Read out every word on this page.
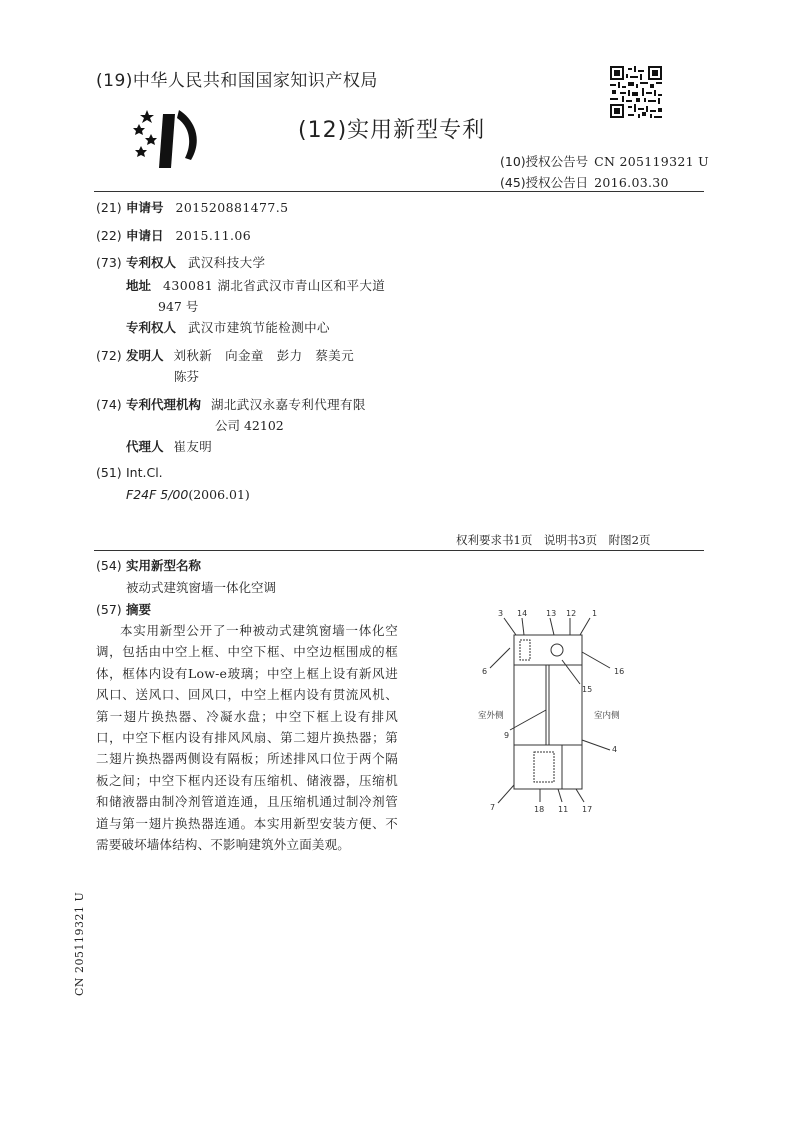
(19)中华人民共和国国家知识产权局
(12)实用新型专利
(10)授权公告号 CN 205119321 U
(45)授权公告日 2016.03.30
(21) 申请号 201520881477.5
(22) 申请日 2015.11.06
(73) 专利权人 武汉科技大学
地址 430081 湖北省武汉市青山区和平大道
947 号
专利权人 武汉市建筑节能检测中心
(72) 发明人 刘秋新　向金童　彭力　蔡美元
陈芬
(74) 专利代理机构 湖北武汉永嘉专利代理有限
公司 42102
代理人 崔友明
(51) Int.Cl.
F24F 5/00(2006.01)
权利要求书1页　说明书3页　附图2页
(54) 实用新型名称
被动式建筑窗墙一体化空调
(57) 摘要
本实用新型公开了一种被动式建筑窗墙一体化空调，包括由中空上框、中空下框、中空边框围成的框体，框体内设有Low-e玻璃；中空上框上设有新风进风口、送风口、回风口，中空上框内设有贯流风机、第一翅片换热器、冷凝水盘；中空下框上设有排风口，中空下框内设有排风风扇、第二翅片换热器；第二翅片换热器两侧设有隔板；所述排风口位于两个隔板之间；中空下框内还设有压缩机、储液器，压缩机和储液器由制冷剂管道连通，且压缩机通过制冷剂管道与第一翅片换热器连通。本实用新型安装方便、不需要破坏墙体结构、不影响建筑外立面美观。
3 14 13 12 1
6	16
15
9
4
7	18 11 17
室外侧	室内侧
CN 205119321 U
